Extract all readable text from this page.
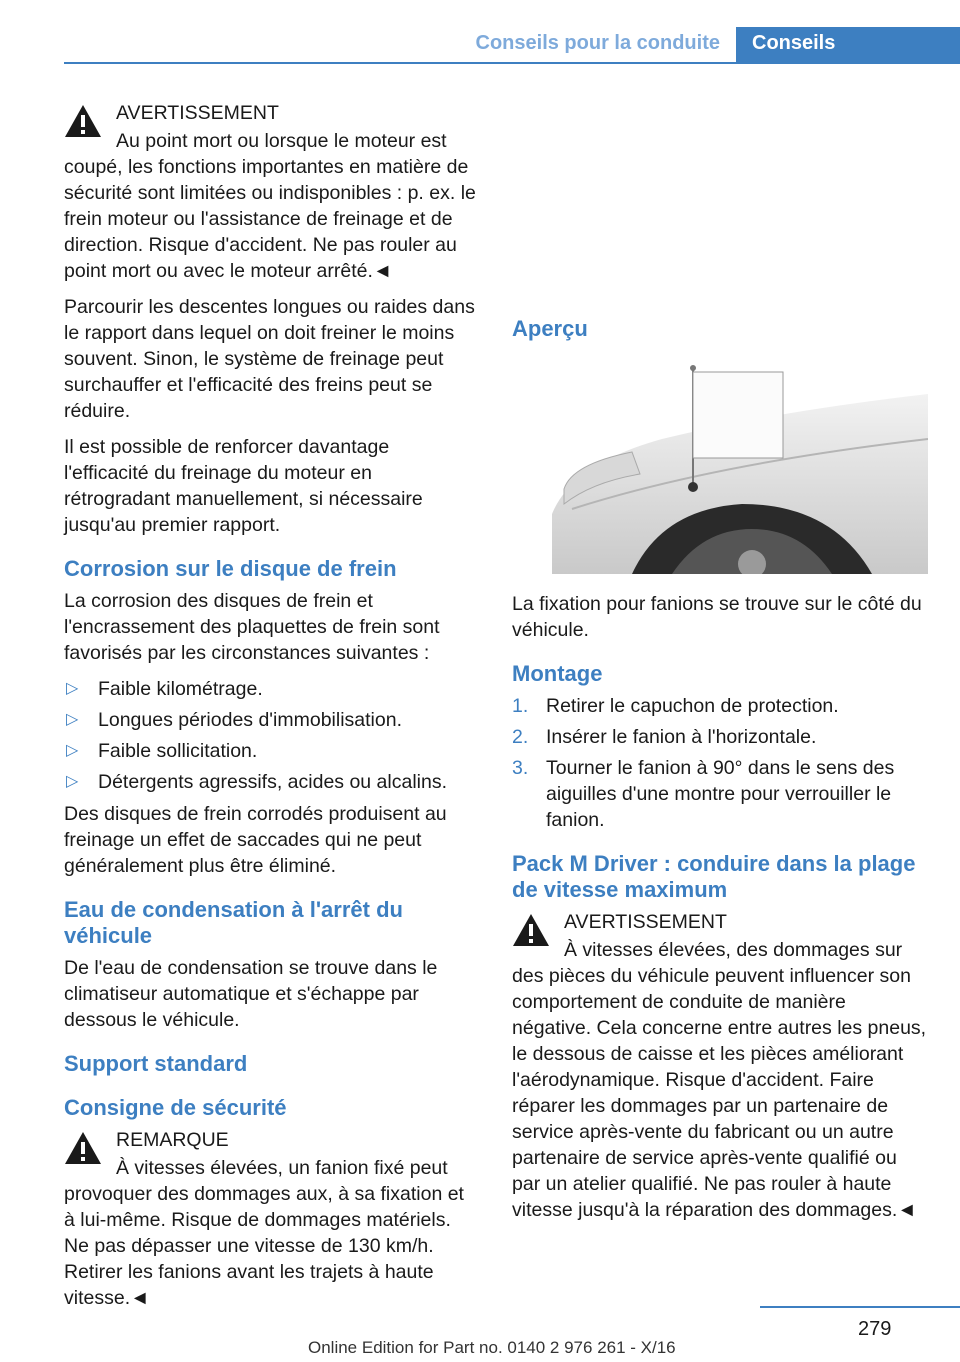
Conseils pour la conduite	Conseils
AVERTISSEMENT
Au point mort ou lorsque le moteur est coupé, les fonctions importantes en matière de sécurité sont limitées ou indisponibles : p. ex. le frein moteur ou l'assistance de freinage et de direction. Risque d'accident. Ne pas rouler au point mort ou avec le moteur arrêté.◄

Parcourir les descentes longues ou raides dans le rapport dans lequel on doit freiner le moins souvent. Sinon, le système de freinage peut surchauffer et l'efficacité des freins peut se réduire.

Il est possible de renforcer davantage l'efficacité du freinage du moteur en rétrogradant manuellement, si nécessaire jusqu'au premier rapport.

Corrosion sur le disque de frein

La corrosion des disques de frein et l'encrassement des plaquettes de frein sont favorisés par les circonstances suivantes :

▷ Faible kilométrage.
▷ Longues périodes d'immobilisation.
▷ Faible sollicitation.
▷ Détergents agressifs, acides ou alcalins.

Des disques de frein corrodés produisent au freinage un effet de saccades qui ne peut généralement plus être éliminé.

Eau de condensation à l'arrêt du véhicule

De l'eau de condensation se trouve dans le climatiseur automatique et s'échappe par dessous le véhicule.

Support standard
Consigne de sécurité
REMARQUE
À vitesses élevées, un fanion fixé peut provoquer des dommages aux, à sa fixation et à lui-même. Risque de dommages matériels. Ne pas dépasser une vitesse de 130 km/h. Retirer les fanions avant les trajets à haute vitesse.◄
Aperçu

La fixation pour fanions se trouve sur le côté du véhicule.

Montage
1. Retirer le capuchon de protection.
2. Insérer le fanion à l'horizontale.
3. Tourner le fanion à 90° dans le sens des aiguilles d'une montre pour verrouiller le fanion.
Pack M Driver : conduire dans la plage de vitesse maximum
AVERTISSEMENT
À vitesses élevées, des dommages sur des pièces du véhicule peuvent influencer son comportement de conduite de manière négative. Cela concerne entre autres les pneus, le dessous de caisse et les pièces améliorant l'aérodynamique. Risque d'accident. Faire réparer les dommages par un partenaire de service après-vente du fabricant ou un autre partenaire de service après-vente qualifié ou par un atelier qualifié. Ne pas rouler à haute vitesse jusqu'à la réparation des dommages.◄
279
Online Edition for Part no. 0140 2 976 261 - X/16
